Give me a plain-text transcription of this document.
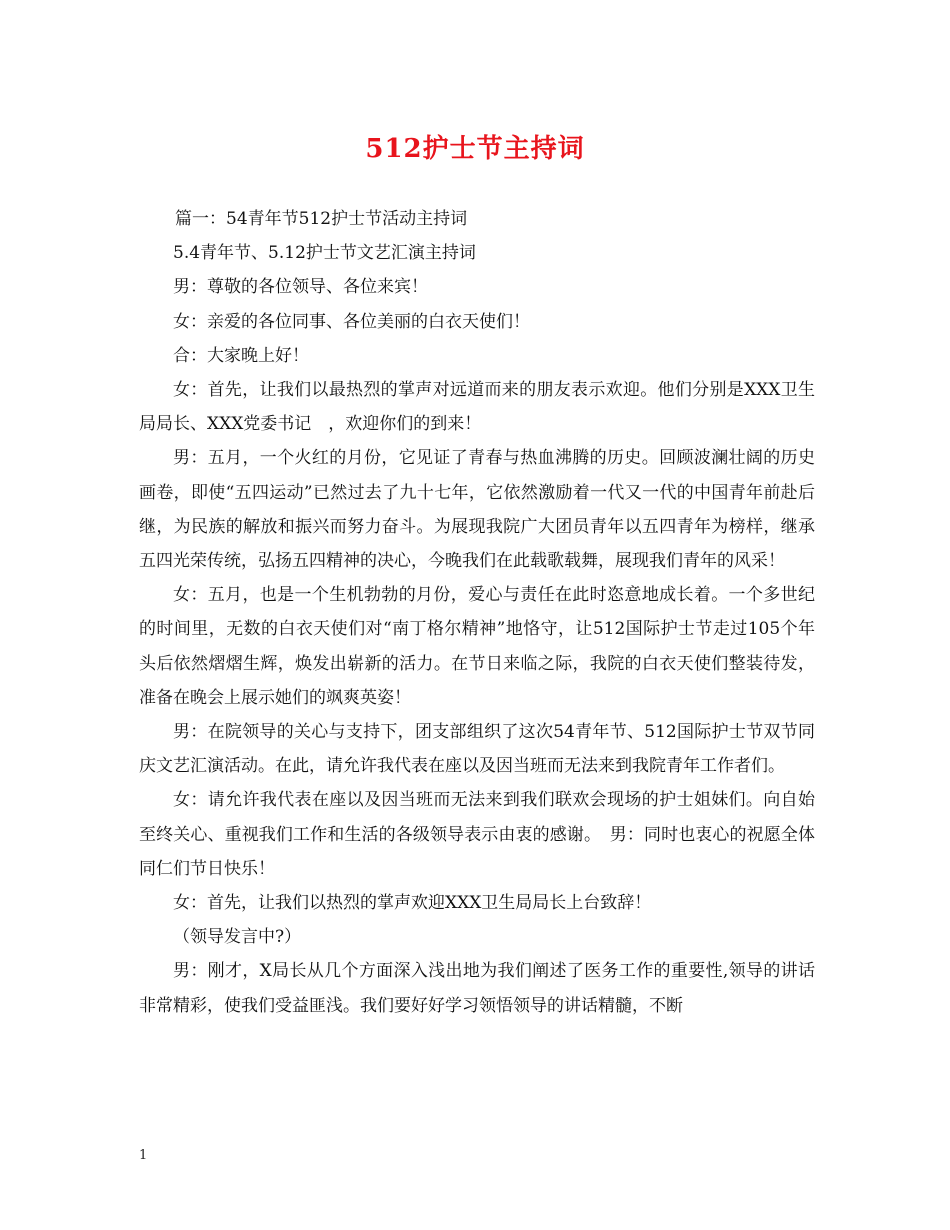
512护士节主持词

篇一：54青年节512护士节活动主持词

5.4青年节、5.12护士节文艺汇演主持词

男：尊敬的各位领导、各位来宾！

女：亲爱的各位同事、各位美丽的白衣天使们！

合：大家晚上好！

女：首先，让我们以最热烈的掌声对远道而来的朋友表示欢迎。他们分别是XXX卫生局局长、XXX党委书记　，欢迎你们的到来！

男：五月，一个火红的月份，它见证了青春与热血沸腾的历史。回顾波澜壮阔的历史画卷，即使“五四运动”已然过去了九十七年，它依然激励着一代又一代的中国青年前赴后继，为民族的解放和振兴而努力奋斗。为展现我院广大团员青年以五四青年为榜样，继承五四光荣传统，弘扬五四精神的决心，今晚我们在此载歌载舞，展现我们青年的风采！

女：五月，也是一个生机勃勃的月份，爱心与责任在此时恣意地成长着。一个多世纪的时间里，无数的白衣天使们对“南丁格尔精神”地恪守，让512国际护士节走过105个年头后依然熠熠生辉，焕发出崭新的活力。在节日来临之际，我院的白衣天使们整装待发，准备在晚会上展示她们的飒爽英姿！

男：在院领导的关心与支持下，团支部组织了这次54青年节、512国际护士节双节同庆文艺汇演活动。在此，请允许我代表在座以及因当班而无法来到我院青年工作者们。

女：请允许我代表在座以及因当班而无法来到我们联欢会现场的护士姐妹们。向自始至终关心、重视我们工作和生活的各级领导表示由衷的感谢。　男：同时也衷心的祝愿全体同仁们节日快乐！

女：首先，让我们以热烈的掌声欢迎XXX卫生局局长上台致辞！

（领导发言中?）

男：刚才，X局长从几个方面深入浅出地为我们阐述了医务工作的重要性,领导的讲话非常精彩，使我们受益匪浅。我们要好好学习领悟领导的讲话精髓，不断

1
